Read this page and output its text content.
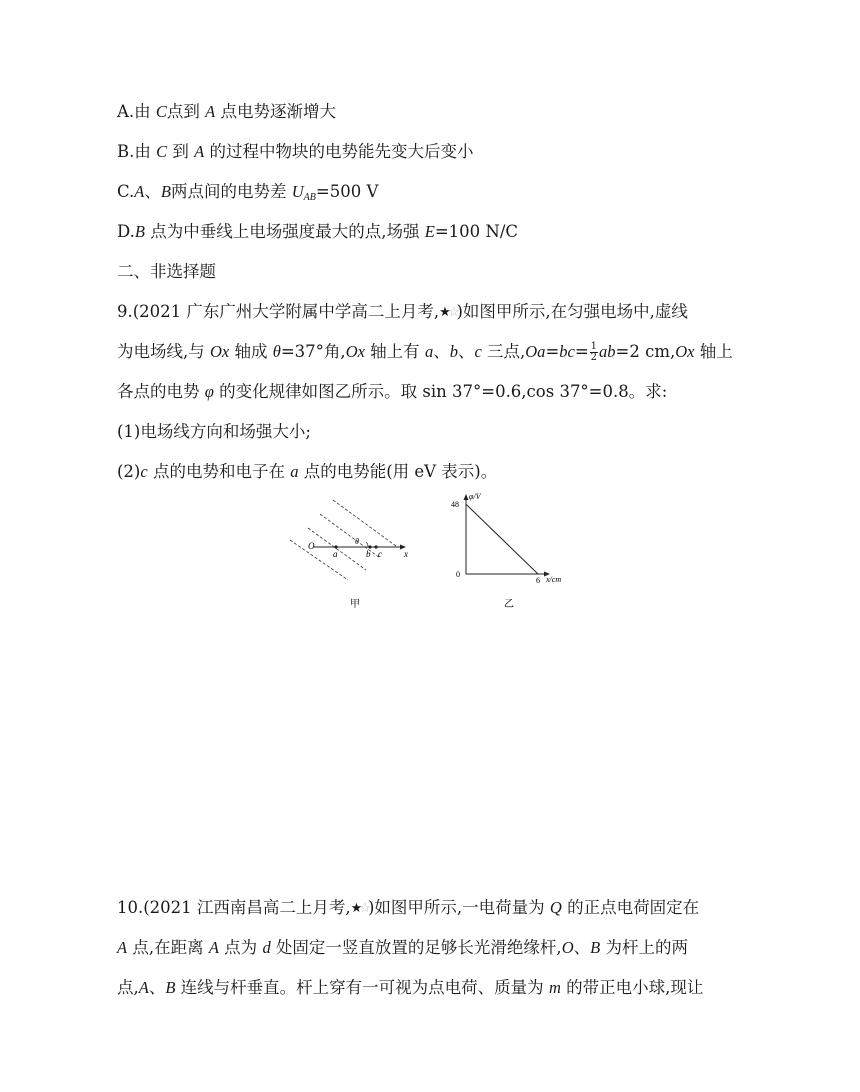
A.由 C点到 A 点电势逐渐增大
B.由 C 到 A 的过程中物块的电势能先变大后变小
C.A、B两点间的电势差 $U_{AB}=500$ V
D.B 点为中垂线上电场强度最大的点,场强 E=100 N/C
二、非选择题
9.(2021 广东广州大学附属中学高二上月考,★☆)如图甲所示,在匀强电场中,虚线
为电场线,与 Ox 轴成 θ=37°角,Ox 轴上有 a、b、c 三点$,Oa=bc= \frac{1}{2} ab=2$ cm,Ox 轴上
各点的电势 φ 的变化规律如图乙所示。取 sin 37°=0.6,cos 37°=0.8。求:
(1)电场线方向和场强大小;
(2)c 点的电势和电子在 a 点的电势能(用 eV 表示)。
O
a	b c x
θ
甲
φ/V
x/cm
48
0
6
乙
10.(2021 江西南昌高二上月考,★☆)如图甲所示,一电荷量为 Q 的正点电荷固定在
A 点,在距离 A 点为 d 处固定一竖直放置的足够长光滑绝缘杆,O、B 为杆上的两
点,A、B 连线与杆垂直。杆上穿有一可视为点电荷、质量为 m 的带正电小球,现让
